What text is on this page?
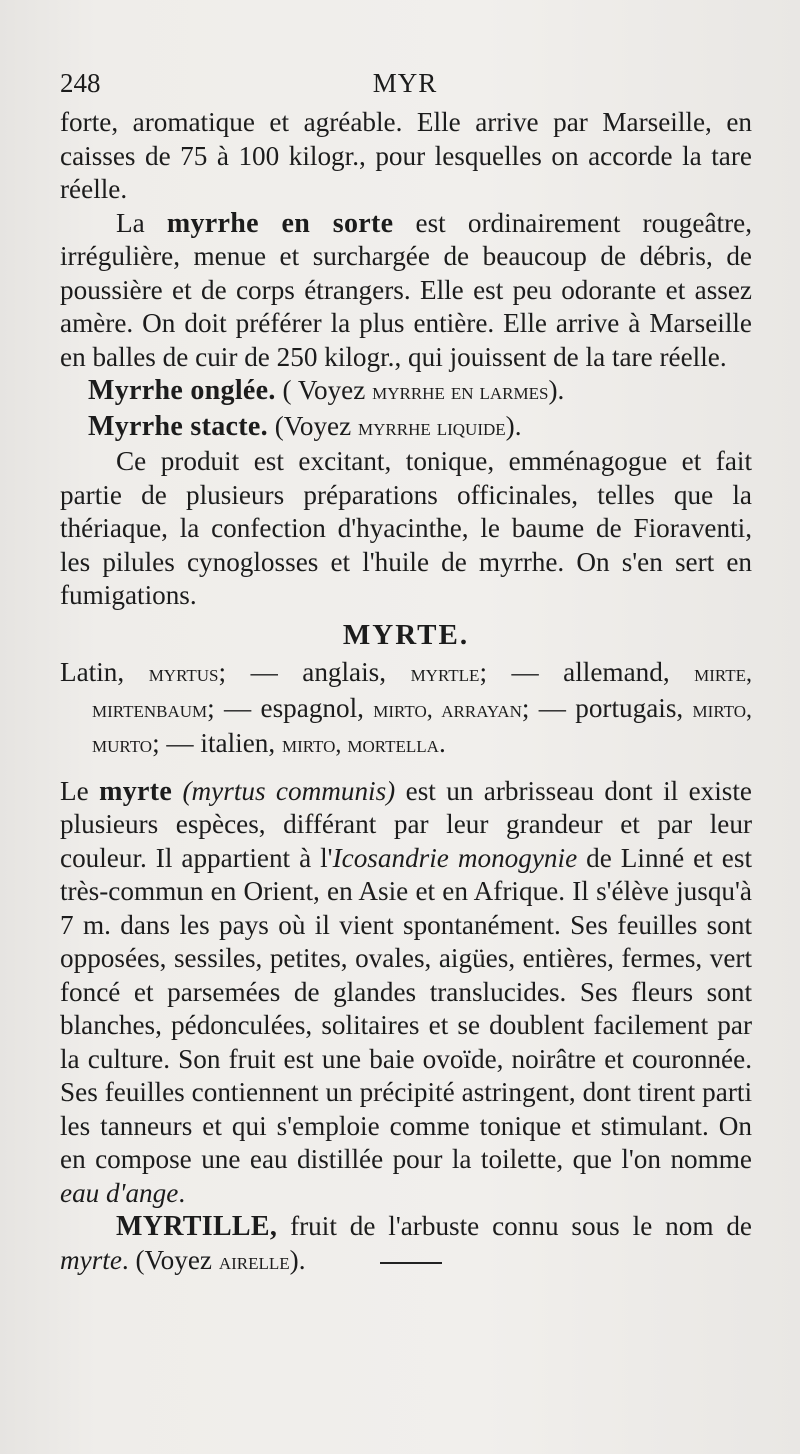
248	MYR

forte, aromatique et agréable. Elle arrive par Marseille, en caisses de 75 à 100 kilogr., pour lesquelles on accorde la tare réelle.

La myrrhe en sorte est ordinairement rougeâtre, irrégulière, menue et surchargée de beaucoup de débris, de poussière et de corps étrangers. Elle est peu odorante et assez amère. On doit préférer la plus entière. Elle arrive à Marseille en balles de cuir de 250 kilogr., qui jouissent de la tare réelle.

Myrrhe onglée. ( Voyez myrrhe en larmes).

Myrrhe stacte. (Voyez myrrhe liquide).

Ce produit est excitant, tonique, emménagogue et fait partie de plusieurs préparations officinales, telles que la thériaque, la confection d'hyacinthe, le baume de Fioraventi, les pilules cynoglosses et l'huile de myrrhe. On s'en sert en fumigations.

MYRTE.

Latin, myrtus; — anglais, myrtle; — allemand, mirte, mirtenbaum; — espagnol, mirto, arrayan; — portugais, mirto, murto; — italien, mirto, mortella.

Le myrte (myrtus communis) est un arbrisseau dont il existe plusieurs espèces, différant par leur grandeur et par leur couleur. Il appartient à l'Icosandrie monogynie de Linné et est très-commun en Orient, en Asie et en Afrique. Il s'élève jusqu'à 7 m. dans les pays où il vient spontanément. Ses feuilles sont opposées, sessiles, petites, ovales, aigües, entières, fermes, vert foncé et parsemées de glandes translucides. Ses fleurs sont blanches, pédonculées, solitaires et se doublent facilement par la culture. Son fruit est une baie ovoïde, noirâtre et couronnée. Ses feuilles contiennent un précipité astringent, dont tirent parti les tanneurs et qui s'emploie comme tonique et stimulant. On en compose une eau distillée pour la toilette, que l'on nomme eau d'ange.

MYRTILLE, fruit de l'arbuste connu sous le nom de myrte. (Voyez airelle).
